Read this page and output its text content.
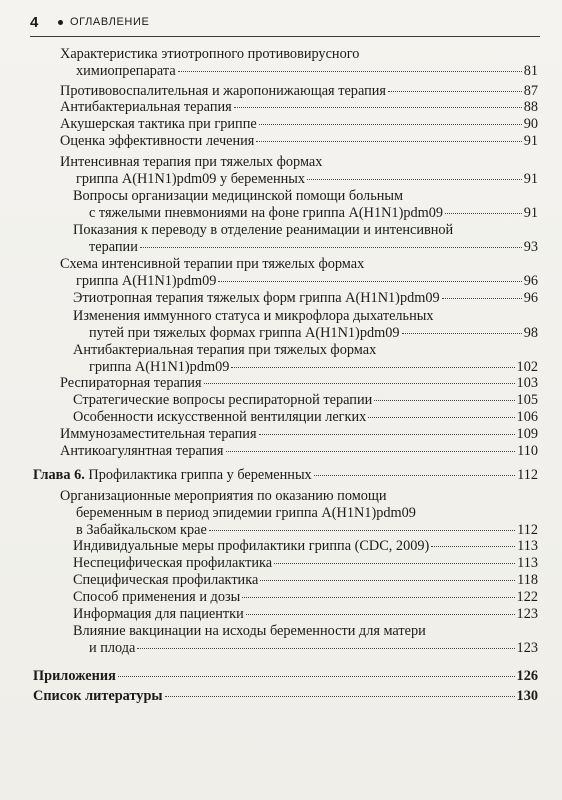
4	ОГЛАВЛЕНИЕ
Характеристика этиотропного противовирусного
химиопрепарата	81
Противовоспалительная и жаропонижающая терапия	87
Антибактериальная терапия	88
Акушерская тактика при гриппе	90
Оценка эффективности лечения	91
Интенсивная терапия при тяжелых формах
гриппа A(H1N1)pdm09 у беременных	91
Вопросы организации медицинской помощи больным
с тяжелыми пневмониями на фоне гриппа A(H1N1)pdm09	91
Показания к переводу в отделение реанимации и интенсивной
терапии	93
Схема интенсивной терапии при тяжелых формах
гриппа A(H1N1)pdm09	96
Этиотропная терапия тяжелых форм гриппа A(H1N1)pdm09	96
Изменения иммунного статуса и микрофлора дыхательных
путей при тяжелых формах гриппа A(H1N1)pdm09	98
Антибактериальная терапия при тяжелых формах
гриппа A(H1N1)pdm09	102
Респираторная терапия	103
Стратегические вопросы респираторной терапии	105
Особенности искусственной вентиляции легких	106
Иммунозаместительная терапия	109
Антикоагулянтная терапия	110
Глава 6. Профилактика гриппа у беременных	112
Организационные мероприятия по оказанию помощи
беременным в период эпидемии гриппа A(H1N1)pdm09
в Забайкальском крае	112
Индивидуальные меры профилактики гриппа (CDC, 2009)	113
Неспецифическая профилактика	113
Специфическая профилактика	118
Способ применения и дозы	122
Информация для пациентки	123
Влияние вакцинации на исходы беременности для матери
и плода	123
Приложения	126
Список литературы	130
